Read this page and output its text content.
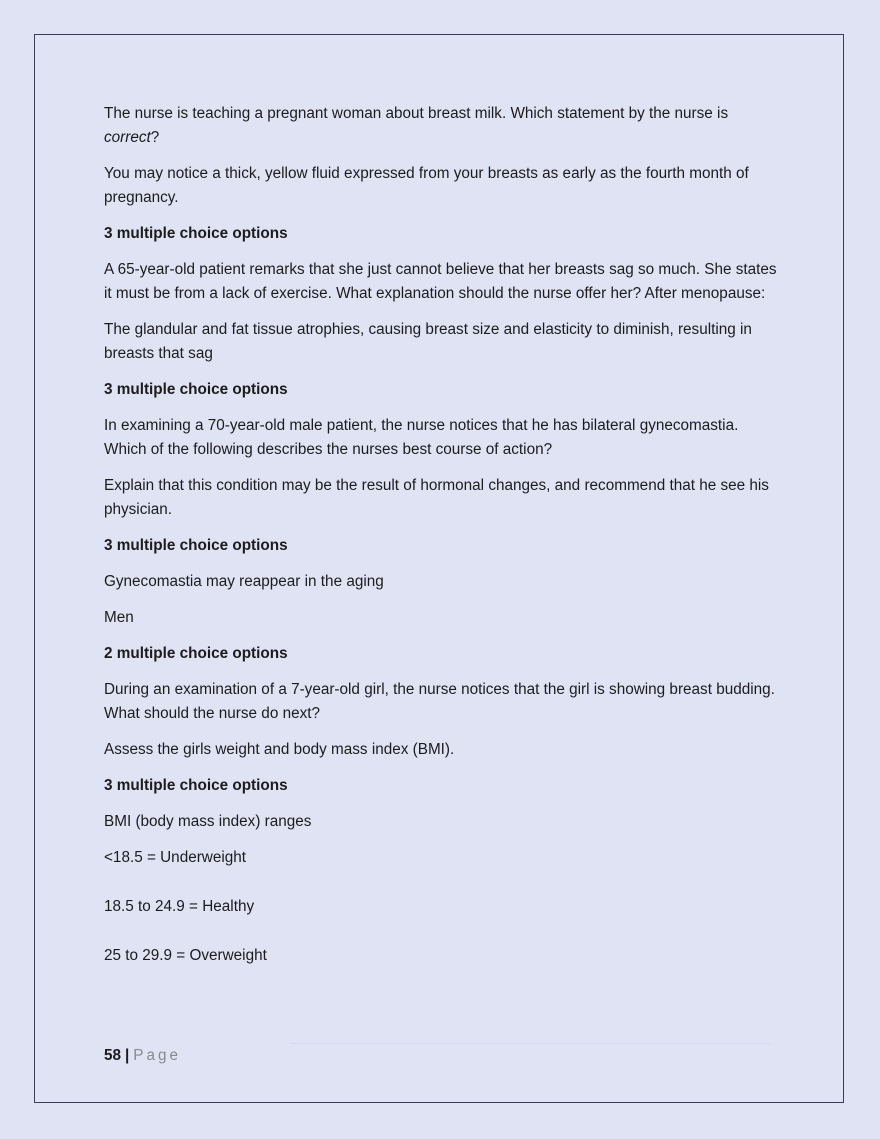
The nurse is teaching a pregnant woman about breast milk. Which statement by the nurse is correct?

You may notice a thick, yellow fluid expressed from your breasts as early as the fourth month of pregnancy.

3 multiple choice options

A 65-year-old patient remarks that she just cannot believe that her breasts sag so much. She states it must be from a lack of exercise. What explanation should the nurse offer her? After menopause:

The glandular and fat tissue atrophies, causing breast size and elasticity to diminish, resulting in breasts that sag

3 multiple choice options

In examining a 70-year-old male patient, the nurse notices that he has bilateral gynecomastia. Which of the following describes the nurses best course of action?

Explain that this condition may be the result of hormonal changes, and recommend that he see his physician.

3 multiple choice options

Gynecomastia may reappear in the aging

Men

2 multiple choice options

During an examination of a 7-year-old girl, the nurse notices that the girl is showing breast budding. What should the nurse do next?

Assess the girls weight and body mass index (BMI).

3 multiple choice options

BMI (body mass index) ranges

<18.5 = Underweight

18.5 to 24.9 = Healthy

25 to 29.9 = Overweight

58 | Page
